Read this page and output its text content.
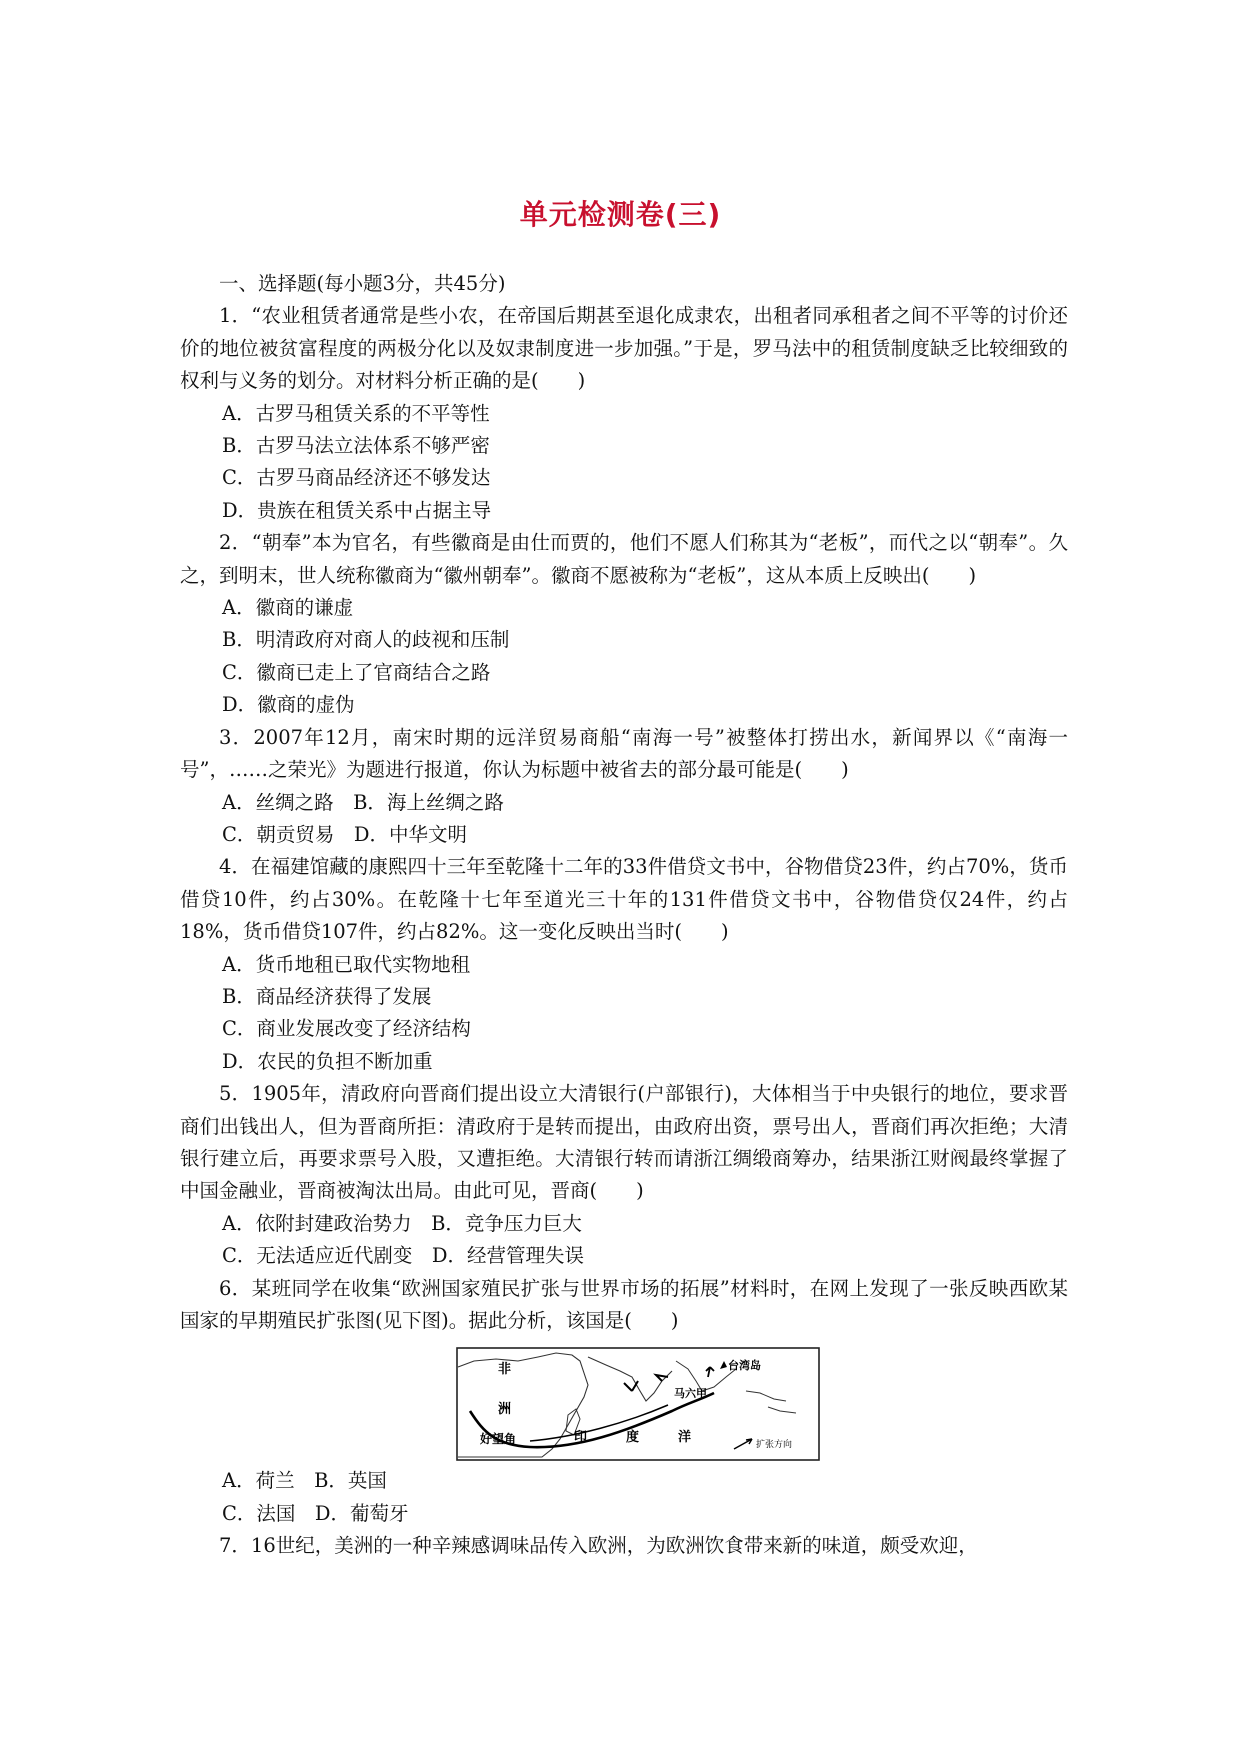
单元检测卷(三)

一、选择题(每小题3分，共45分)

1．“农业租赁者通常是些小农，在帝国后期甚至退化成隶农，出租者同承租者之间不平等的讨价还价的地位被贫富程度的两极分化以及奴隶制度进一步加强。”于是，罗马法中的租赁制度缺乏比较细致的权利与义务的划分。对材料分析正确的是(　　)

A．古罗马租赁关系的不平等性

B．古罗马法立法体系不够严密

C．古罗马商品经济还不够发达

D．贵族在租赁关系中占据主导

2．“朝奉”本为官名，有些徽商是由仕而贾的，他们不愿人们称其为“老板”，而代之以“朝奉”。久之，到明末，世人统称徽商为“徽州朝奉”。徽商不愿被称为“老板”，这从本质上反映出(　　)

A．徽商的谦虚

B．明清政府对商人的歧视和压制

C．徽商已走上了官商结合之路

D．徽商的虚伪

3．2007年12月，南宋时期的远洋贸易商船“南海一号”被整体打捞出水，新闻界以《“南海一号”，……之荣光》为题进行报道，你认为标题中被省去的部分最可能是(　　)

A．丝绸之路　B．海上丝绸之路

C．朝贡贸易　D．中华文明

4．在福建馆藏的康熙四十三年至乾隆十二年的33件借贷文书中，谷物借贷23件，约占70%，货币借贷10件，约占30%。在乾隆十七年至道光三十年的131件借贷文书中，谷物借贷仅24件，约占18%，货币借贷107件，约占82%。这一变化反映出当时(　　)

A．货币地租已取代实物地租

B．商品经济获得了发展

C．商业发展改变了经济结构

D．农民的负担不断加重

5．1905年，清政府向晋商们提出设立大清银行(户部银行)，大体相当于中央银行的地位，要求晋商们出钱出人，但为晋商所拒：清政府于是转而提出，由政府出资，票号出人，晋商们再次拒绝；大清银行建立后，再要求票号入股，又遭拒绝。大清银行转而请浙江绸缎商筹办，结果浙江财阀最终掌握了中国金融业，晋商被淘汰出局。由此可见，晋商(　　)

A．依附封建政治势力　B．竞争压力巨大

C．无法适应近代剧变　D．经营管理失误

6．某班同学在收集“欧洲国家殖民扩张与世界市场的拓展”材料时，在网上发现了一张反映西欧某国家的早期殖民扩张图(见下图)。据此分析，该国是(　　)

非
洲
好望角	印	度	洋
台湾岛
马六甲
扩张方向

A．荷兰　B．英国

C．法国　D．葡萄牙

7．16世纪，美洲的一种辛辣感调味品传入欧洲，为欧洲饮食带来新的味道，颇受欢迎，
